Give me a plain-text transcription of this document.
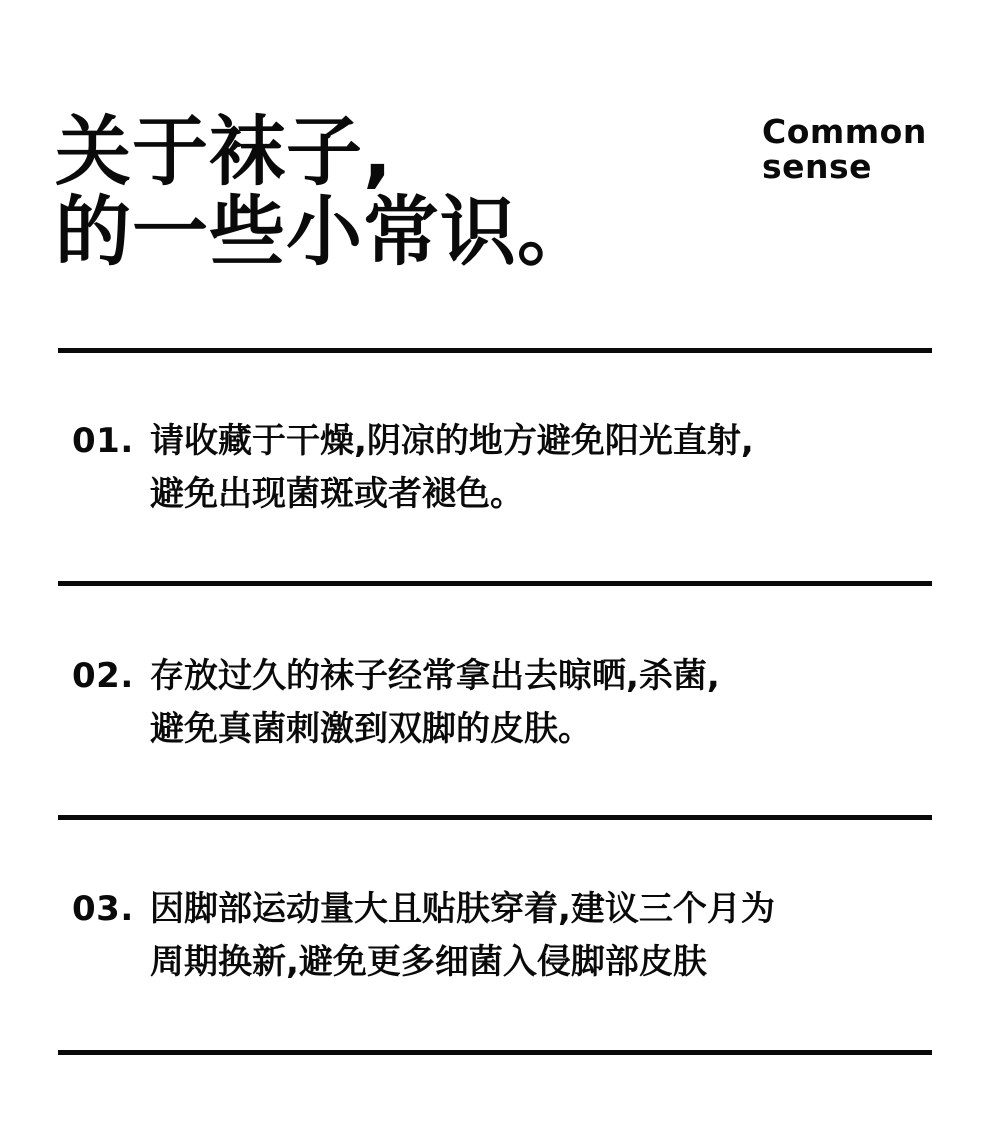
关于袜子,
的一些小常识。
Common
sense
01. 请收藏于干燥,阴凉的地方避免阳光直射,
避免出现菌斑或者褪色。
02. 存放过久的袜子经常拿出去晾晒,杀菌,
避免真菌刺激到双脚的皮肤。
03. 因脚部运动量大且贴肤穿着,建议三个月为
周期换新,避免更多细菌入侵脚部皮肤
